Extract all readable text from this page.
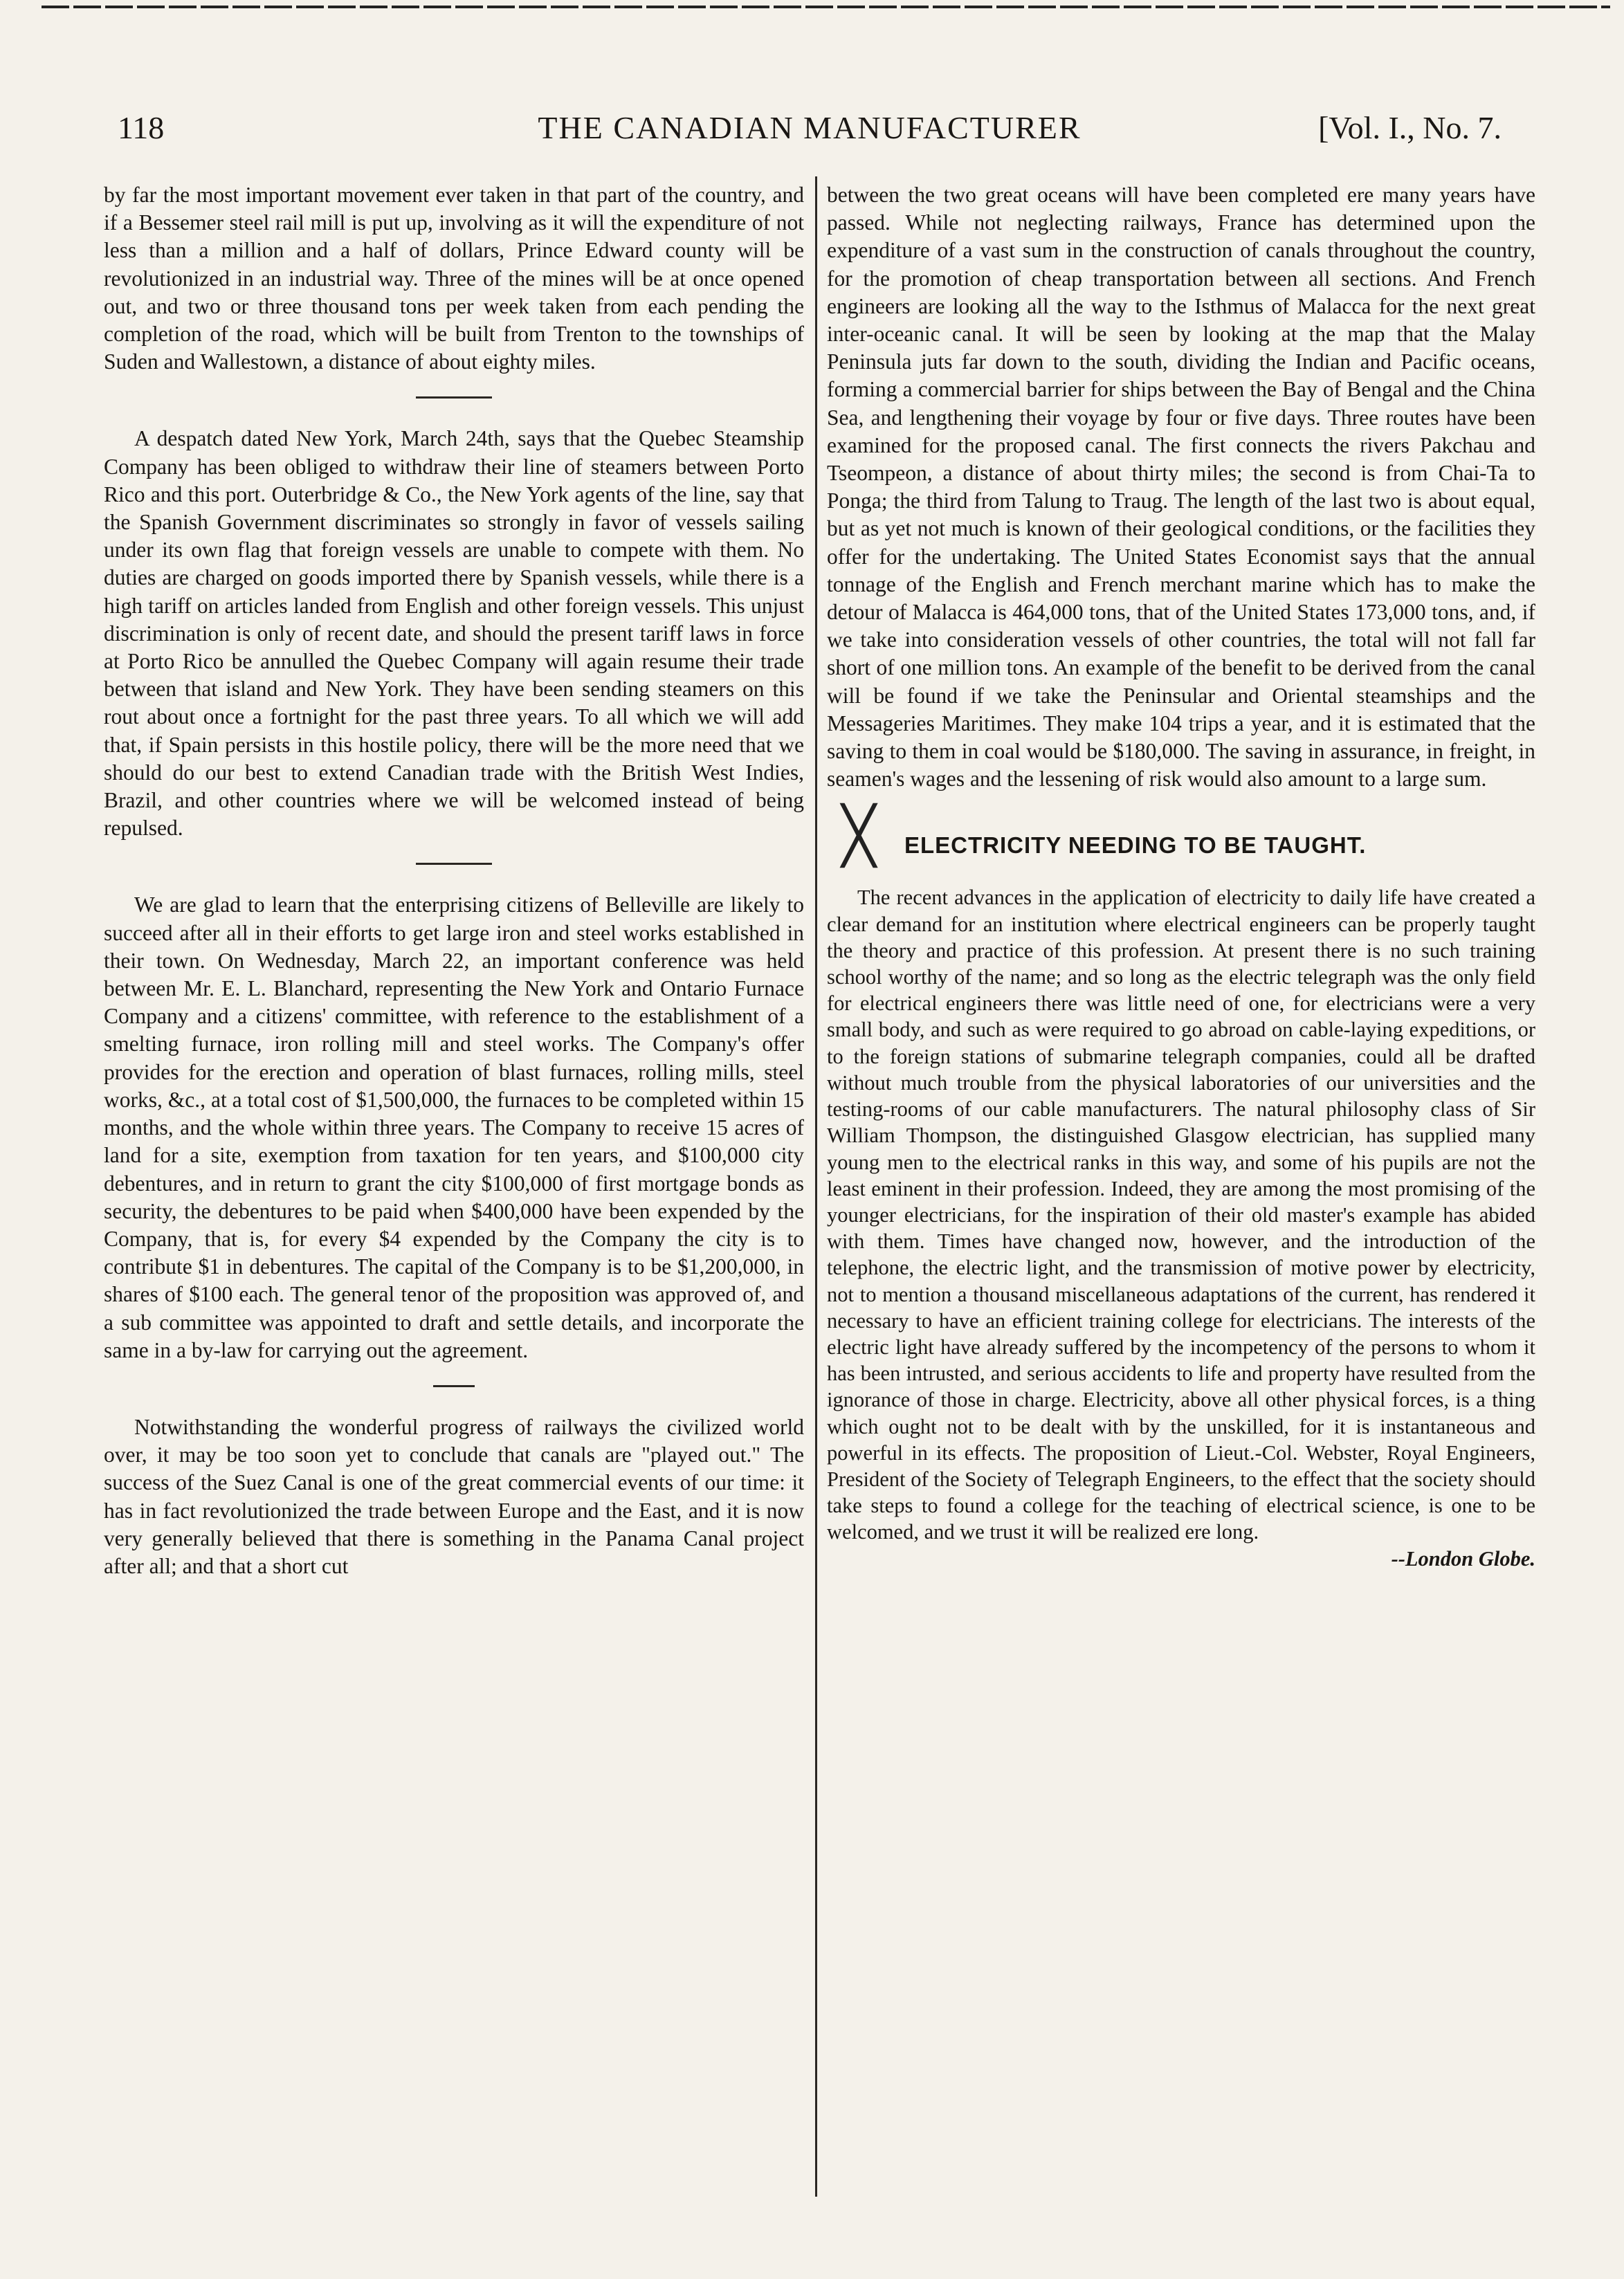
118	THE CANADIAN MANUFACTURER	[Vol. I., No. 7.

by far the most important movement ever taken in that part of the country, and if a Bessemer steel rail mill is put up, involving as it will the expenditure of not less than a million and a half of dollars, Prince Edward county will be revolutionized in an industrial way. Three of the mines will be at once opened out, and two or three thousand tons per week taken from each pending the completion of the road, which will be built from Trenton to the townships of Suden and Wallestown, a distance of about eighty miles.

A despatch dated New York, March 24th, says that the Quebec Steamship Company has been obliged to withdraw their line of steamers between Porto Rico and this port. Outerbridge & Co., the New York agents of the line, say that the Spanish Government discriminates so strongly in favor of vessels sailing under its own flag that foreign vessels are unable to compete with them. No duties are charged on goods imported there by Spanish vessels, while there is a high tariff on articles landed from English and other foreign vessels. This unjust discrimination is only of recent date, and should the present tariff laws in force at Porto Rico be annulled the Quebec Company will again resume their trade between that island and New York. They have been sending steamers on this rout about once a fortnight for the past three years. To all which we will add that, if Spain persists in this hostile policy, there will be the more need that we should do our best to extend Canadian trade with the British West Indies, Brazil, and other countries where we will be welcomed instead of being repulsed.

We are glad to learn that the enterprising citizens of Belleville are likely to succeed after all in their efforts to get large iron and steel works established in their town. On Wednesday, March 22, an important conference was held between Mr. E. L. Blanchard, representing the New York and Ontario Furnace Company and a citizens' committee, with reference to the establishment of a smelting furnace, iron rolling mill and steel works. The Company's offer provides for the erection and operation of blast furnaces, rolling mills, steel works, &c., at a total cost of $1,500,000, the furnaces to be completed within 15 months, and the whole within three years. The Company to receive 15 acres of land for a site, exemption from taxation for ten years, and $100,000 city debentures, and in return to grant the city $100,000 of first mortgage bonds as security, the debentures to be paid when $400,000 have been expended by the Company, that is, for every $4 expended by the Company the city is to contribute $1 in debentures. The capital of the Company is to be $1,200,000, in shares of $100 each. The general tenor of the proposition was approved of, and a sub committee was appointed to draft and settle details, and incorporate the same in a by-law for carrying out the agreement.

Notwithstanding the wonderful progress of railways the civilized world over, it may be too soon yet to conclude that canals are "played out." The success of the Suez Canal is one of the great commercial events of our time: it has in fact revolutionized the trade between Europe and the East, and it is now very generally believed that there is something in the Panama Canal project after all; and that a short cut

between the two great oceans will have been completed ere many years have passed. While not neglecting railways, France has determined upon the expenditure of a vast sum in the construction of canals throughout the country, for the promotion of cheap transportation between all sections. And French engineers are looking all the way to the Isthmus of Malacca for the next great inter-oceanic canal. It will be seen by looking at the map that the Malay Peninsula juts far down to the south, dividing the Indian and Pacific oceans, forming a commercial barrier for ships between the Bay of Bengal and the China Sea, and lengthening their voyage by four or five days. Three routes have been examined for the proposed canal. The first connects the rivers Pakchau and Tseompeon, a distance of about thirty miles; the second is from Chai-Ta to Ponga; the third from Talung to Traug. The length of the last two is about equal, but as yet not much is known of their geological conditions, or the facilities they offer for the undertaking. The United States Economist says that the annual tonnage of the English and French merchant marine which has to make the detour of Malacca is 464,000 tons, that of the United States 173,000 tons, and, if we take into consideration vessels of other countries, the total will not fall far short of one million tons. An example of the benefit to be derived from the canal will be found if we take the Peninsular and Oriental steamships and the Messageries Maritimes. They make 104 trips a year, and it is estimated that the saving to them in coal would be $180,000. The saving in assurance, in freight, in seamen's wages and the lessening of risk would also amount to a large sum.

╳ ELECTRICITY NEEDING TO BE TAUGHT.

The recent advances in the application of electricity to daily life have created a clear demand for an institution where electrical engineers can be properly taught the theory and practice of this profession. At present there is no such training school worthy of the name; and so long as the electric telegraph was the only field for electrical engineers there was little need of one, for electricians were a very small body, and such as were required to go abroad on cable-laying expeditions, or to the foreign stations of submarine telegraph companies, could all be drafted without much trouble from the physical laboratories of our universities and the testing-rooms of our cable manufacturers. The natural philosophy class of Sir William Thompson, the distinguished Glasgow electrician, has supplied many young men to the electrical ranks in this way, and some of his pupils are not the least eminent in their profession. Indeed, they are among the most promising of the younger electricians, for the inspiration of their old master's example has abided with them. Times have changed now, however, and the introduction of the telephone, the electric light, and the transmission of motive power by electricity, not to mention a thousand miscellaneous adaptations of the current, has rendered it necessary to have an efficient training college for electricians. The interests of the electric light have already suffered by the incompetency of the persons to whom it has been intrusted, and serious accidents to life and property have resulted from the ignorance of those in charge. Electricity, above all other physical forces, is a thing which ought not to be dealt with by the unskilled, for it is instantaneous and powerful in its effects. The proposition of Lieut.-Col. Webster, Royal Engineers, President of the Society of Telegraph Engineers, to the effect that the society should take steps to found a college for the teaching of electrical science, is one to be welcomed, and we trust it will be realized ere long.

--London Globe.
